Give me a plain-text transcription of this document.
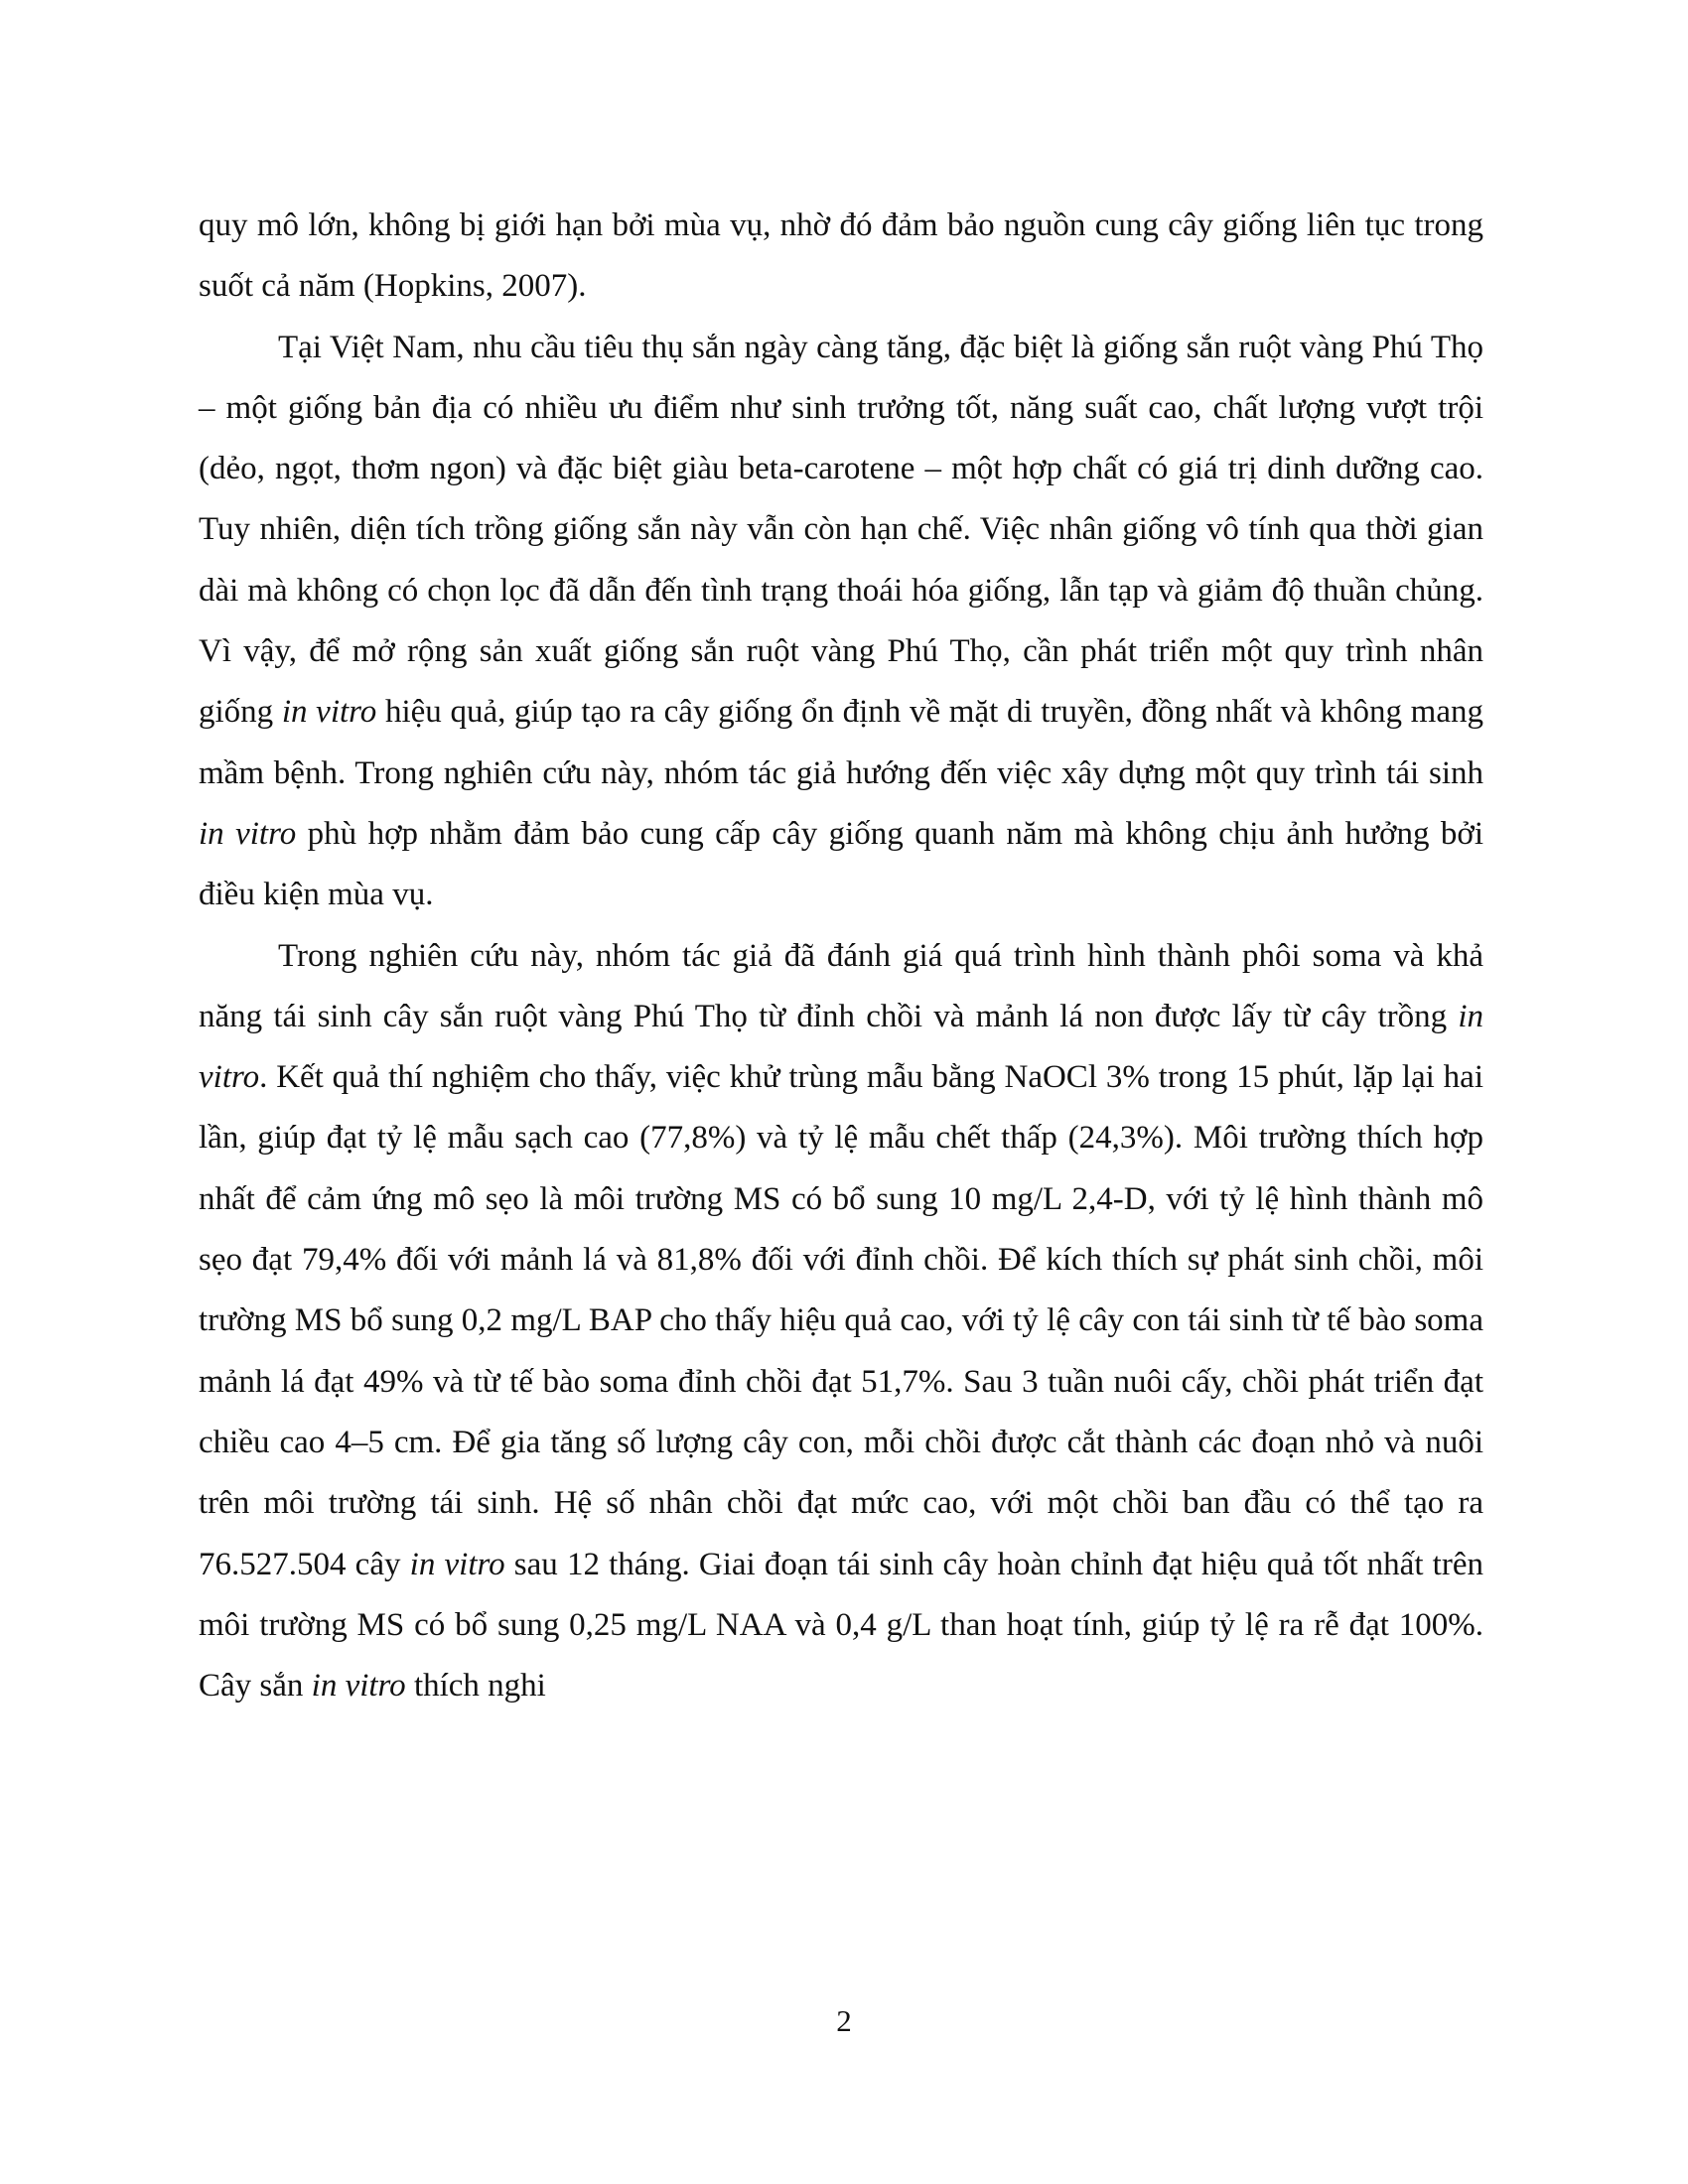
quy mô lớn, không bị giới hạn bởi mùa vụ, nhờ đó đảm bảo nguồn cung cây giống liên tục trong suốt cả năm (Hopkins, 2007).

Tại Việt Nam, nhu cầu tiêu thụ sắn ngày càng tăng, đặc biệt là giống sắn ruột vàng Phú Thọ – một giống bản địa có nhiều ưu điểm như sinh trưởng tốt, năng suất cao, chất lượng vượt trội (dẻo, ngọt, thơm ngon) và đặc biệt giàu beta-carotene – một hợp chất có giá trị dinh dưỡng cao. Tuy nhiên, diện tích trồng giống sắn này vẫn còn hạn chế. Việc nhân giống vô tính qua thời gian dài mà không có chọn lọc đã dẫn đến tình trạng thoái hóa giống, lẫn tạp và giảm độ thuần chủng. Vì vậy, để mở rộng sản xuất giống sắn ruột vàng Phú Thọ, cần phát triển một quy trình nhân giống in vitro hiệu quả, giúp tạo ra cây giống ổn định về mặt di truyền, đồng nhất và không mang mầm bệnh. Trong nghiên cứu này, nhóm tác giả hướng đến việc xây dựng một quy trình tái sinh in vitro phù hợp nhằm đảm bảo cung cấp cây giống quanh năm mà không chịu ảnh hưởng bởi điều kiện mùa vụ.

Trong nghiên cứu này, nhóm tác giả đã đánh giá quá trình hình thành phôi soma và khả năng tái sinh cây sắn ruột vàng Phú Thọ từ đỉnh chồi và mảnh lá non được lấy từ cây trồng in vitro. Kết quả thí nghiệm cho thấy, việc khử trùng mẫu bằng NaOCl 3% trong 15 phút, lặp lại hai lần, giúp đạt tỷ lệ mẫu sạch cao (77,8%) và tỷ lệ mẫu chết thấp (24,3%). Môi trường thích hợp nhất để cảm ứng mô sẹo là môi trường MS có bổ sung 10 mg/L 2,4-D, với tỷ lệ hình thành mô sẹo đạt 79,4% đối với mảnh lá và 81,8% đối với đỉnh chồi. Để kích thích sự phát sinh chồi, môi trường MS bổ sung 0,2 mg/L BAP cho thấy hiệu quả cao, với tỷ lệ cây con tái sinh từ tế bào soma mảnh lá đạt 49% và từ tế bào soma đỉnh chồi đạt 51,7%. Sau 3 tuần nuôi cấy, chồi phát triển đạt chiều cao 4–5 cm. Để gia tăng số lượng cây con, mỗi chồi được cắt thành các đoạn nhỏ và nuôi trên môi trường tái sinh. Hệ số nhân chồi đạt mức cao, với một chồi ban đầu có thể tạo ra 76.527.504 cây in vitro sau 12 tháng. Giai đoạn tái sinh cây hoàn chỉnh đạt hiệu quả tốt nhất trên môi trường MS có bổ sung 0,25 mg/L NAA và 0,4 g/L than hoạt tính, giúp tỷ lệ ra rễ đạt 100%. Cây sắn in vitro thích nghi

2
